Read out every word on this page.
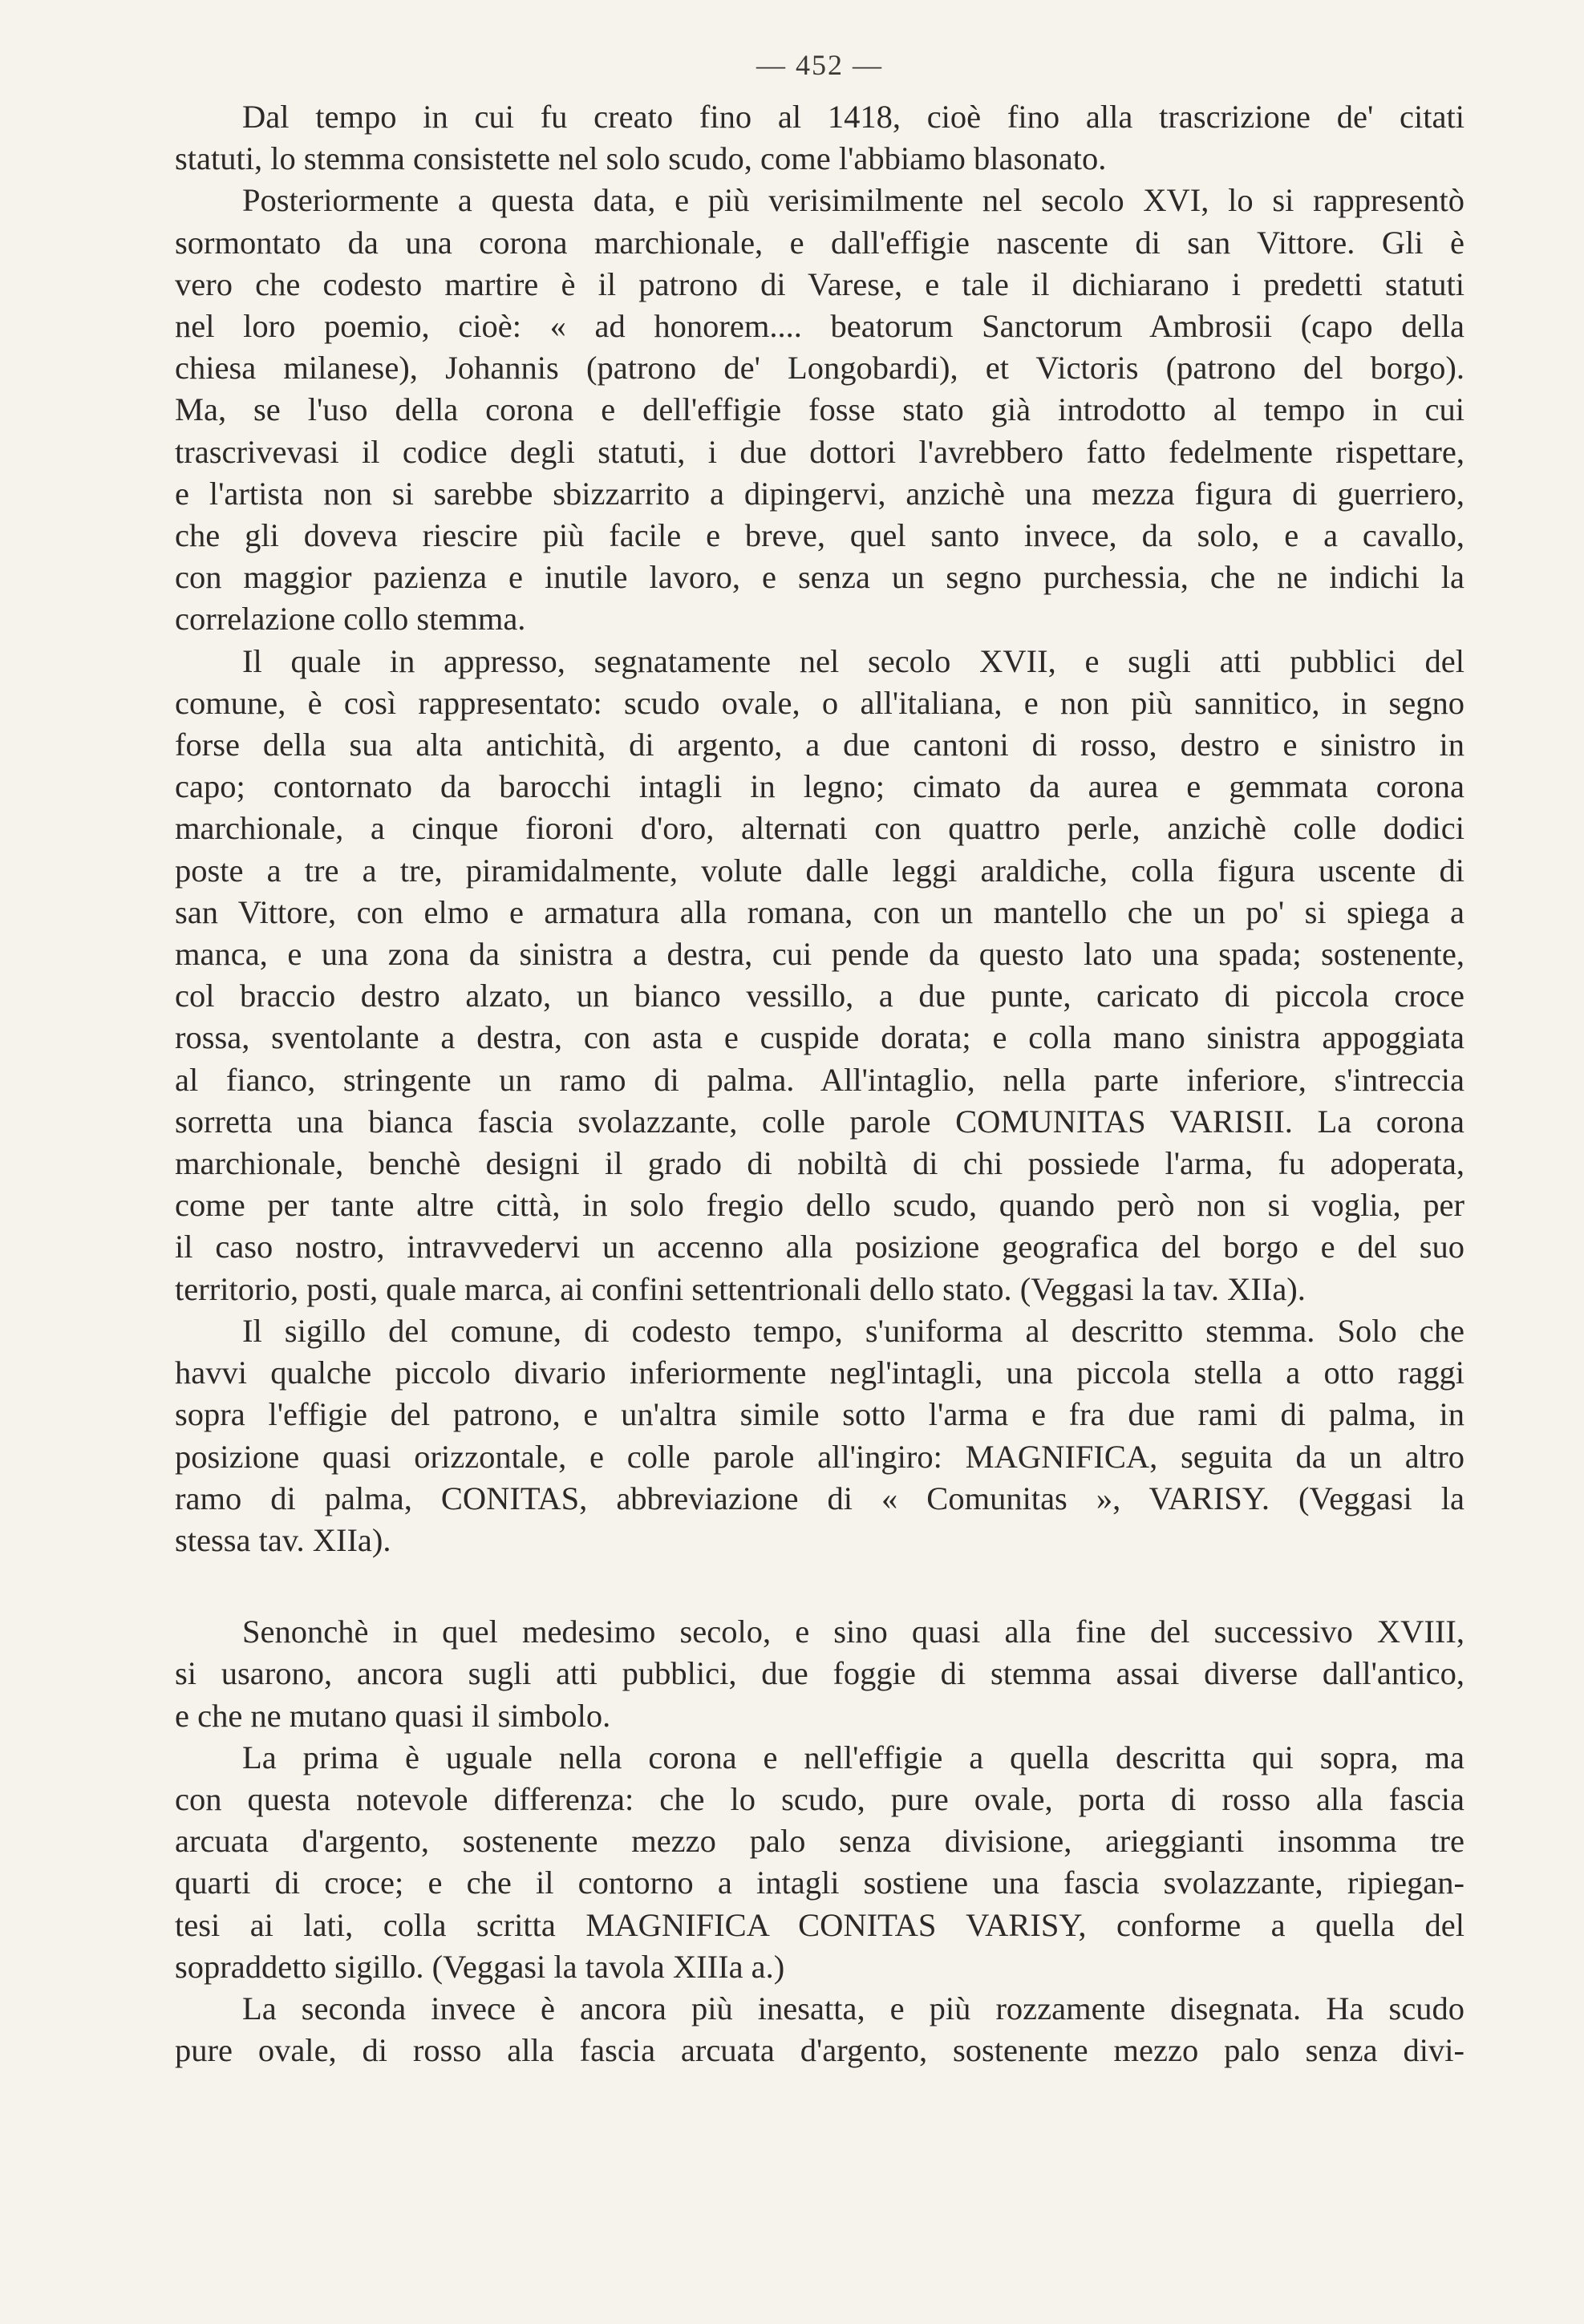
— 452 —
Dal tempo in cui fu creato fino al 1418, cioè fino alla trascrizione de' citati
statuti, lo stemma consistette nel solo scudo, come l'abbiamo blasonato.
Posteriormente a questa data, e più verisimilmente nel secolo XVI, lo si rappresentò
sormontato da una corona marchionale, e dall'effigie nascente di san Vittore. Gli è
vero che codesto martire è il patrono di Varese, e tale il dichiarano i predetti statuti
nel loro poemio, cioè: « ad honorem.... beatorum Sanctorum Ambrosii (capo della
chiesa milanese), Johannis (patrono de' Longobardi), et Victoris (patrono del borgo).
Ma, se l'uso della corona e dell'effigie fosse stato già introdotto al tempo in cui
trascrivevasi il codice degli statuti, i due dottori l'avrebbero fatto fedelmente rispettare,
e l'artista non si sarebbe sbizzarrito a dipingervi, anzichè una mezza figura di guerriero,
che gli doveva riescire più facile e breve, quel santo invece, da solo, e a cavallo,
con maggior pazienza e inutile lavoro, e senza un segno purchessia, che ne indichi la
correlazione collo stemma.
Il quale in appresso, segnatamente nel secolo XVII, e sugli atti pubblici del
comune, è così rappresentato: scudo ovale, o all'italiana, e non più sannitico, in segno
forse della sua alta antichità, di argento, a due cantoni di rosso, destro e sinistro in
capo; contornato da barocchi intagli in legno; cimato da aurea e gemmata corona
marchionale, a cinque fioroni d'oro, alternati con quattro perle, anzichè colle dodici
poste a tre a tre, piramidalmente, volute dalle leggi araldiche, colla figura uscente di
san Vittore, con elmo e armatura alla romana, con un mantello che un po' si spiega a
manca, e una zona da sinistra a destra, cui pende da questo lato una spada; sostenente,
col braccio destro alzato, un bianco vessillo, a due punte, caricato di piccola croce
rossa, sventolante a destra, con asta e cuspide dorata; e colla mano sinistra appoggiata
al fianco, stringente un ramo di palma. All'intaglio, nella parte inferiore, s'intreccia
sorretta una bianca fascia svolazzante, colle parole COMUNITAS VARISII. La corona
marchionale, benchè designi il grado di nobiltà di chi possiede l'arma, fu adoperata,
come per tante altre città, in solo fregio dello scudo, quando però non si voglia, per
il caso nostro, intravvedervi un accenno alla posizione geografica del borgo e del suo
territorio, posti, quale marca, ai confini settentrionali dello stato. (Veggasi la tav. XIIa).
Il sigillo del comune, di codesto tempo, s'uniforma al descritto stemma. Solo che
havvi qualche piccolo divario inferiormente negl'intagli, una piccola stella a otto raggi
sopra l'effigie del patrono, e un'altra simile sotto l'arma e fra due rami di palma, in
posizione quasi orizzontale, e colle parole all'ingiro: MAGNIFICA, seguita da un altro
ramo di palma, CONITAS, abbreviazione di « Comunitas », VARISY. (Veggasi la
stessa tav. XIIa).
Senonchè in quel medesimo secolo, e sino quasi alla fine del successivo XVIII,
si usarono, ancora sugli atti pubblici, due foggie di stemma assai diverse dall'antico,
e che ne mutano quasi il simbolo.
La prima è uguale nella corona e nell'effigie a quella descritta qui sopra, ma
con questa notevole differenza: che lo scudo, pure ovale, porta di rosso alla fascia
arcuata d'argento, sostenente mezzo palo senza divisione, arieggianti insomma tre
quarti di croce; e che il contorno a intagli sostiene una fascia svolazzante, ripiegan-
tesi ai lati, colla scritta MAGNIFICA CONITAS VARISY, conforme a quella del
sopraddetto sigillo. (Veggasi la tavola XIIIa a.)
La seconda invece è ancora più inesatta, e più rozzamente disegnata. Ha scudo
pure ovale, di rosso alla fascia arcuata d'argento, sostenente mezzo palo senza divi-
